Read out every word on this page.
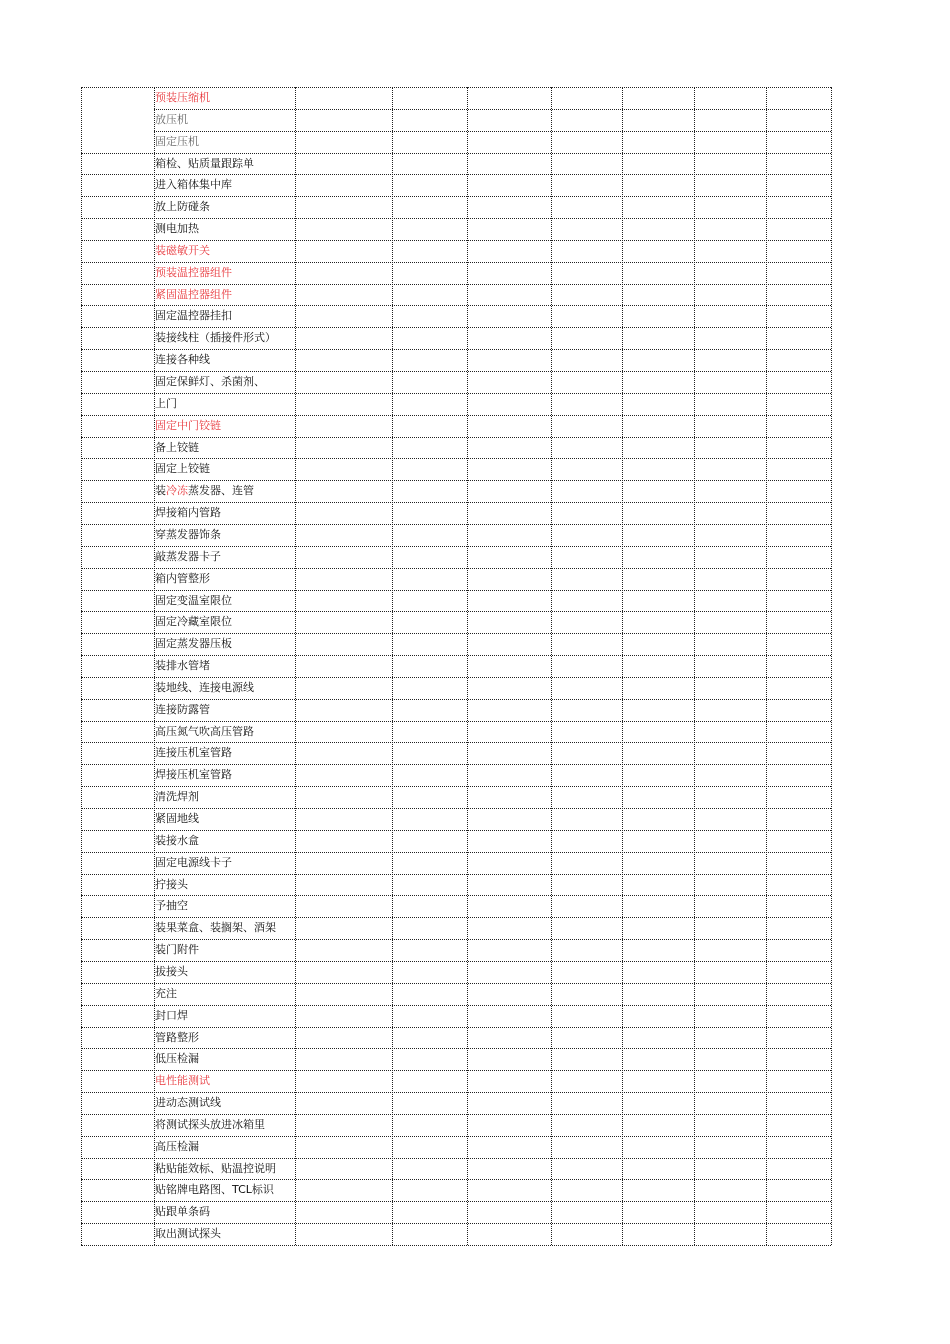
预装压缩机
放压机
固定压机
箱检、贴质量跟踪单
进入箱体集中库
放上防碰条
测电加热
装磁敏开关
预装温控器组件
紧固温控器组件
固定温控器挂扣
装接线柱（插接件形式）
连接各种线
固定保鲜灯、杀菌剂、
上门
固定中门铰链
备上铰链
固定上铰链
装冷冻蒸发器、连管
焊接箱内管路
穿蒸发器饰条
敲蒸发器卡子
箱内管整形
固定变温室限位
固定冷藏室限位
固定蒸发器压板
装排水管堵
装地线、连接电源线
连接防露管
高压氮气吹高压管路
连接压机室管路
焊接压机室管路
清洗焊剂
紧固地线
装接水盒
固定电源线卡子
拧接头
予抽空
装果菜盒、装搁架、酒架
装门附件
拔接头
充注
封口焊
管路整形
低压检漏
电性能测试
进动态测试线
将测试探头放进冰箱里
高压检漏
粘贴能效标、贴温控说明
贴铭牌电路图、TCL标识
贴跟单条码
取出测试探头
